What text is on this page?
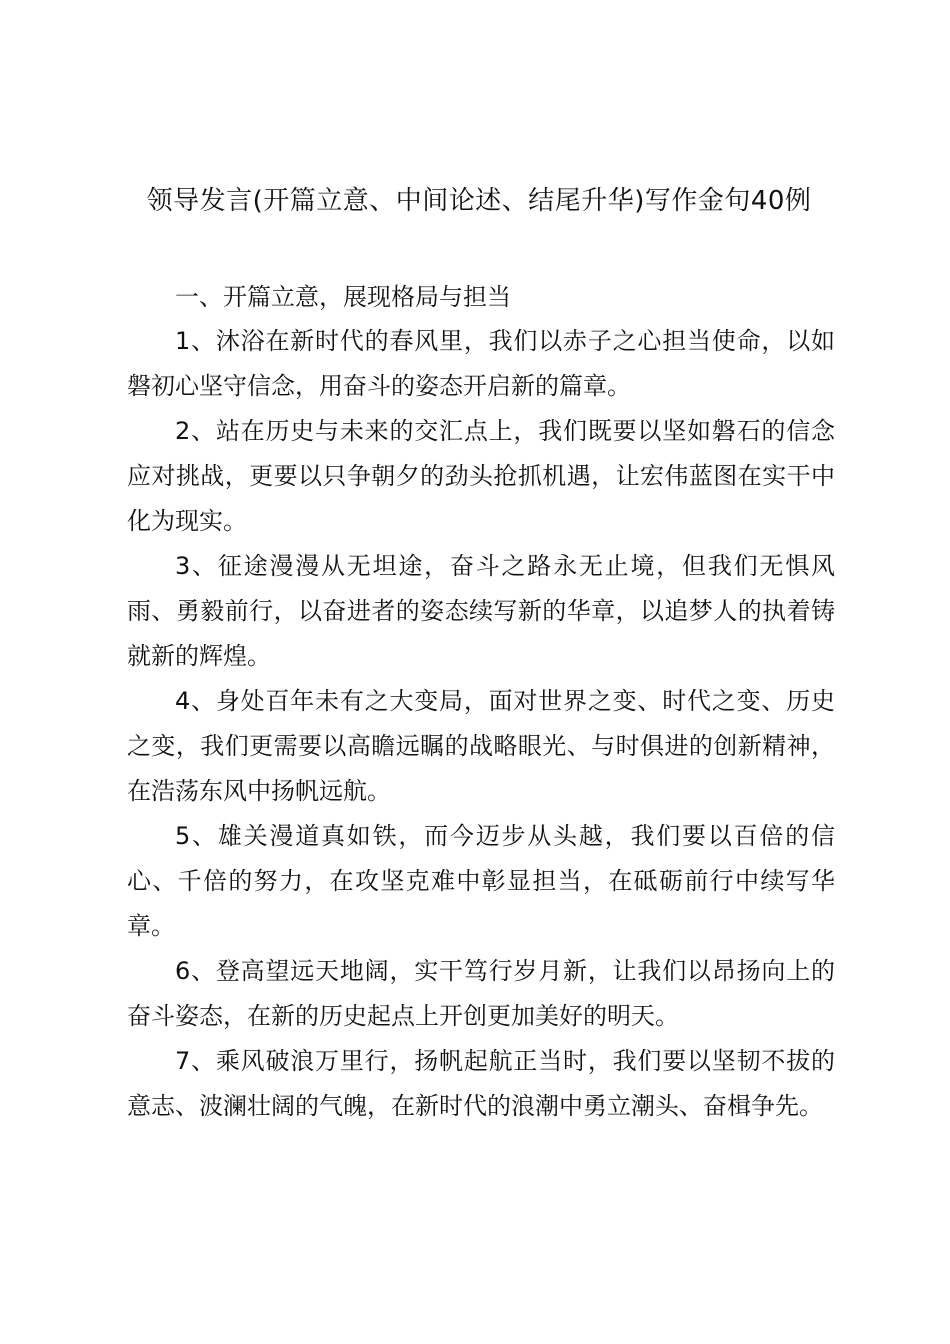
领导发言(开篇立意、中间论述、结尾升华)写作金句40例

一、开篇立意，展现格局与担当

1、沐浴在新时代的春风里，我们以赤子之心担当使命，以如磐初心坚守信念，用奋斗的姿态开启新的篇章。

2、站在历史与未来的交汇点上，我们既要以坚如磐石的信念应对挑战，更要以只争朝夕的劲头抢抓机遇，让宏伟蓝图在实干中化为现实。

3、征途漫漫从无坦途，奋斗之路永无止境，但我们无惧风雨、勇毅前行，以奋进者的姿态续写新的华章，以追梦人的执着铸就新的辉煌。

4、身处百年未有之大变局，面对世界之变、时代之变、历史之变，我们更需要以高瞻远瞩的战略眼光、与时俱进的创新精神，在浩荡东风中扬帆远航。

5、雄关漫道真如铁，而今迈步从头越，我们要以百倍的信心、千倍的努力，在攻坚克难中彰显担当，在砥砺前行中续写华章。

6、登高望远天地阔，实干笃行岁月新，让我们以昂扬向上的奋斗姿态，在新的历史起点上开创更加美好的明天。

7、乘风破浪万里行，扬帆起航正当时，我们要以坚韧不拔的意志、波澜壮阔的气魄，在新时代的浪潮中勇立潮头、奋楫争先。
